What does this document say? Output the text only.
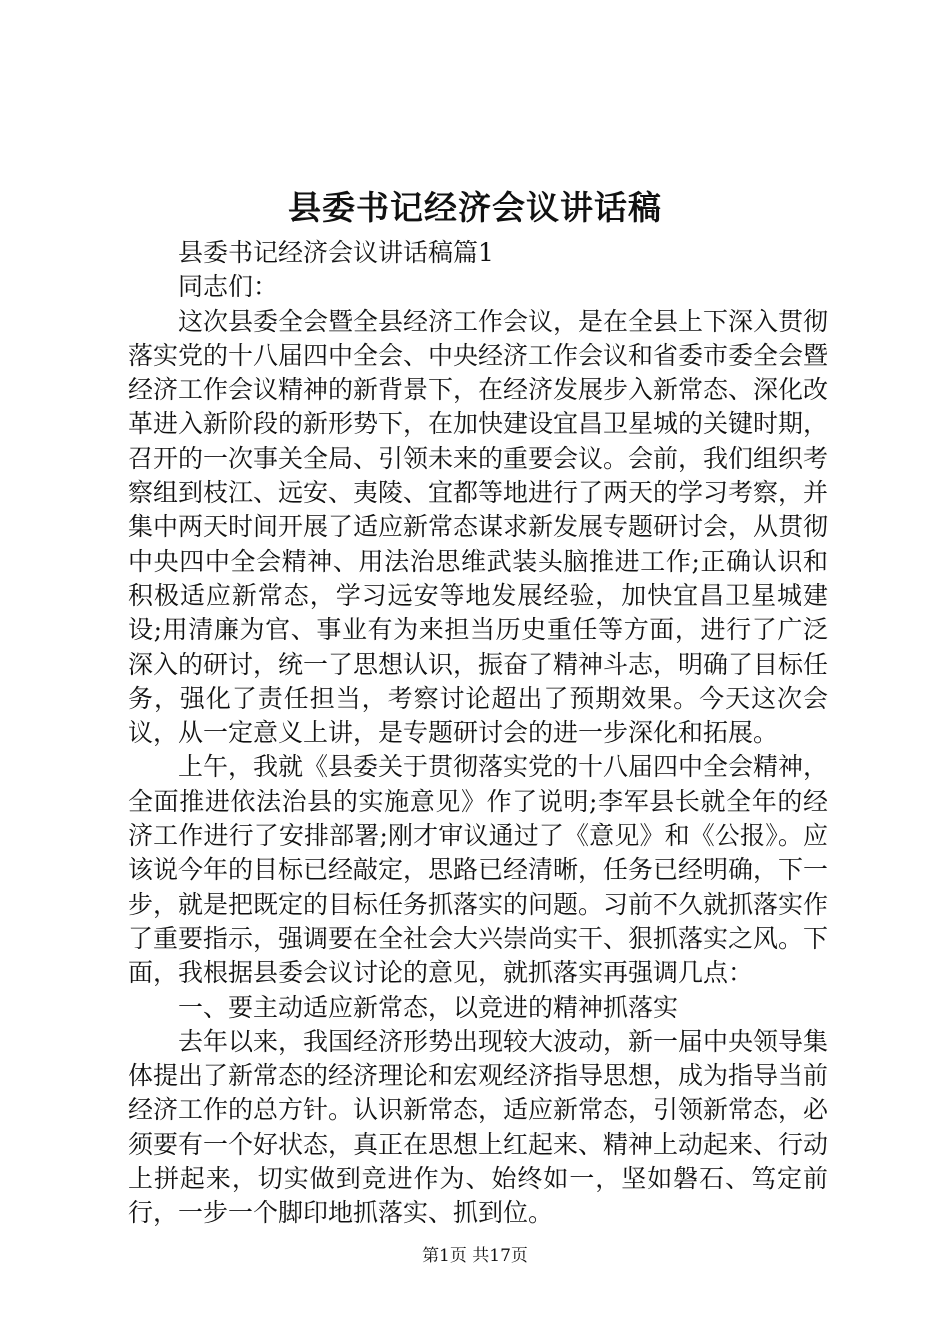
县委书记经济会议讲话稿

县委书记经济会议讲话稿篇1

同志们：

这次县委全会暨全县经济工作会议，是在全县上下深入贯彻落实党的十八届四中全会、中央经济工作会议和省委市委全会暨经济工作会议精神的新背景下，在经济发展步入新常态、深化改革进入新阶段的新形势下，在加快建设宜昌卫星城的关键时期，召开的一次事关全局、引领未来的重要会议。会前，我们组织考察组到枝江、远安、夷陵、宜都等地进行了两天的学习考察，并集中两天时间开展了适应新常态谋求新发展专题研讨会，从贯彻中央四中全会精神、用法治思维武装头脑推进工作;正确认识和积极适应新常态，学习远安等地发展经验，加快宜昌卫星城建设;用清廉为官、事业有为来担当历史重任等方面，进行了广泛深入的研讨，统一了思想认识，振奋了精神斗志，明确了目标任务，强化了责任担当，考察讨论超出了预期效果。今天这次会议，从一定意义上讲，是专题研讨会的进一步深化和拓展。

上午，我就《县委关于贯彻落实党的十八届四中全会精神，全面推进依法治县的实施意见》作了说明;李军县长就全年的经济工作进行了安排部署;刚才审议通过了《意见》和《公报》。应该说今年的目标已经敲定，思路已经清晰，任务已经明确，下一步，就是把既定的目标任务抓落实的问题。习前不久就抓落实作了重要指示，强调要在全社会大兴崇尚实干、狠抓落实之风。下面，我根据县委会议讨论的意见，就抓落实再强调几点：

一、要主动适应新常态，以竞进的精神抓落实

去年以来，我国经济形势出现较大波动，新一届中央领导集体提出了新常态的经济理论和宏观经济指导思想，成为指导当前经济工作的总方针。认识新常态，适应新常态，引领新常态，必须要有一个好状态，真正在思想上红起来、精神上动起来、行动上拼起来，切实做到竞进作为、始终如一，坚如磐石、笃定前行，一步一个脚印地抓落实、抓到位。

第1页 共17页
